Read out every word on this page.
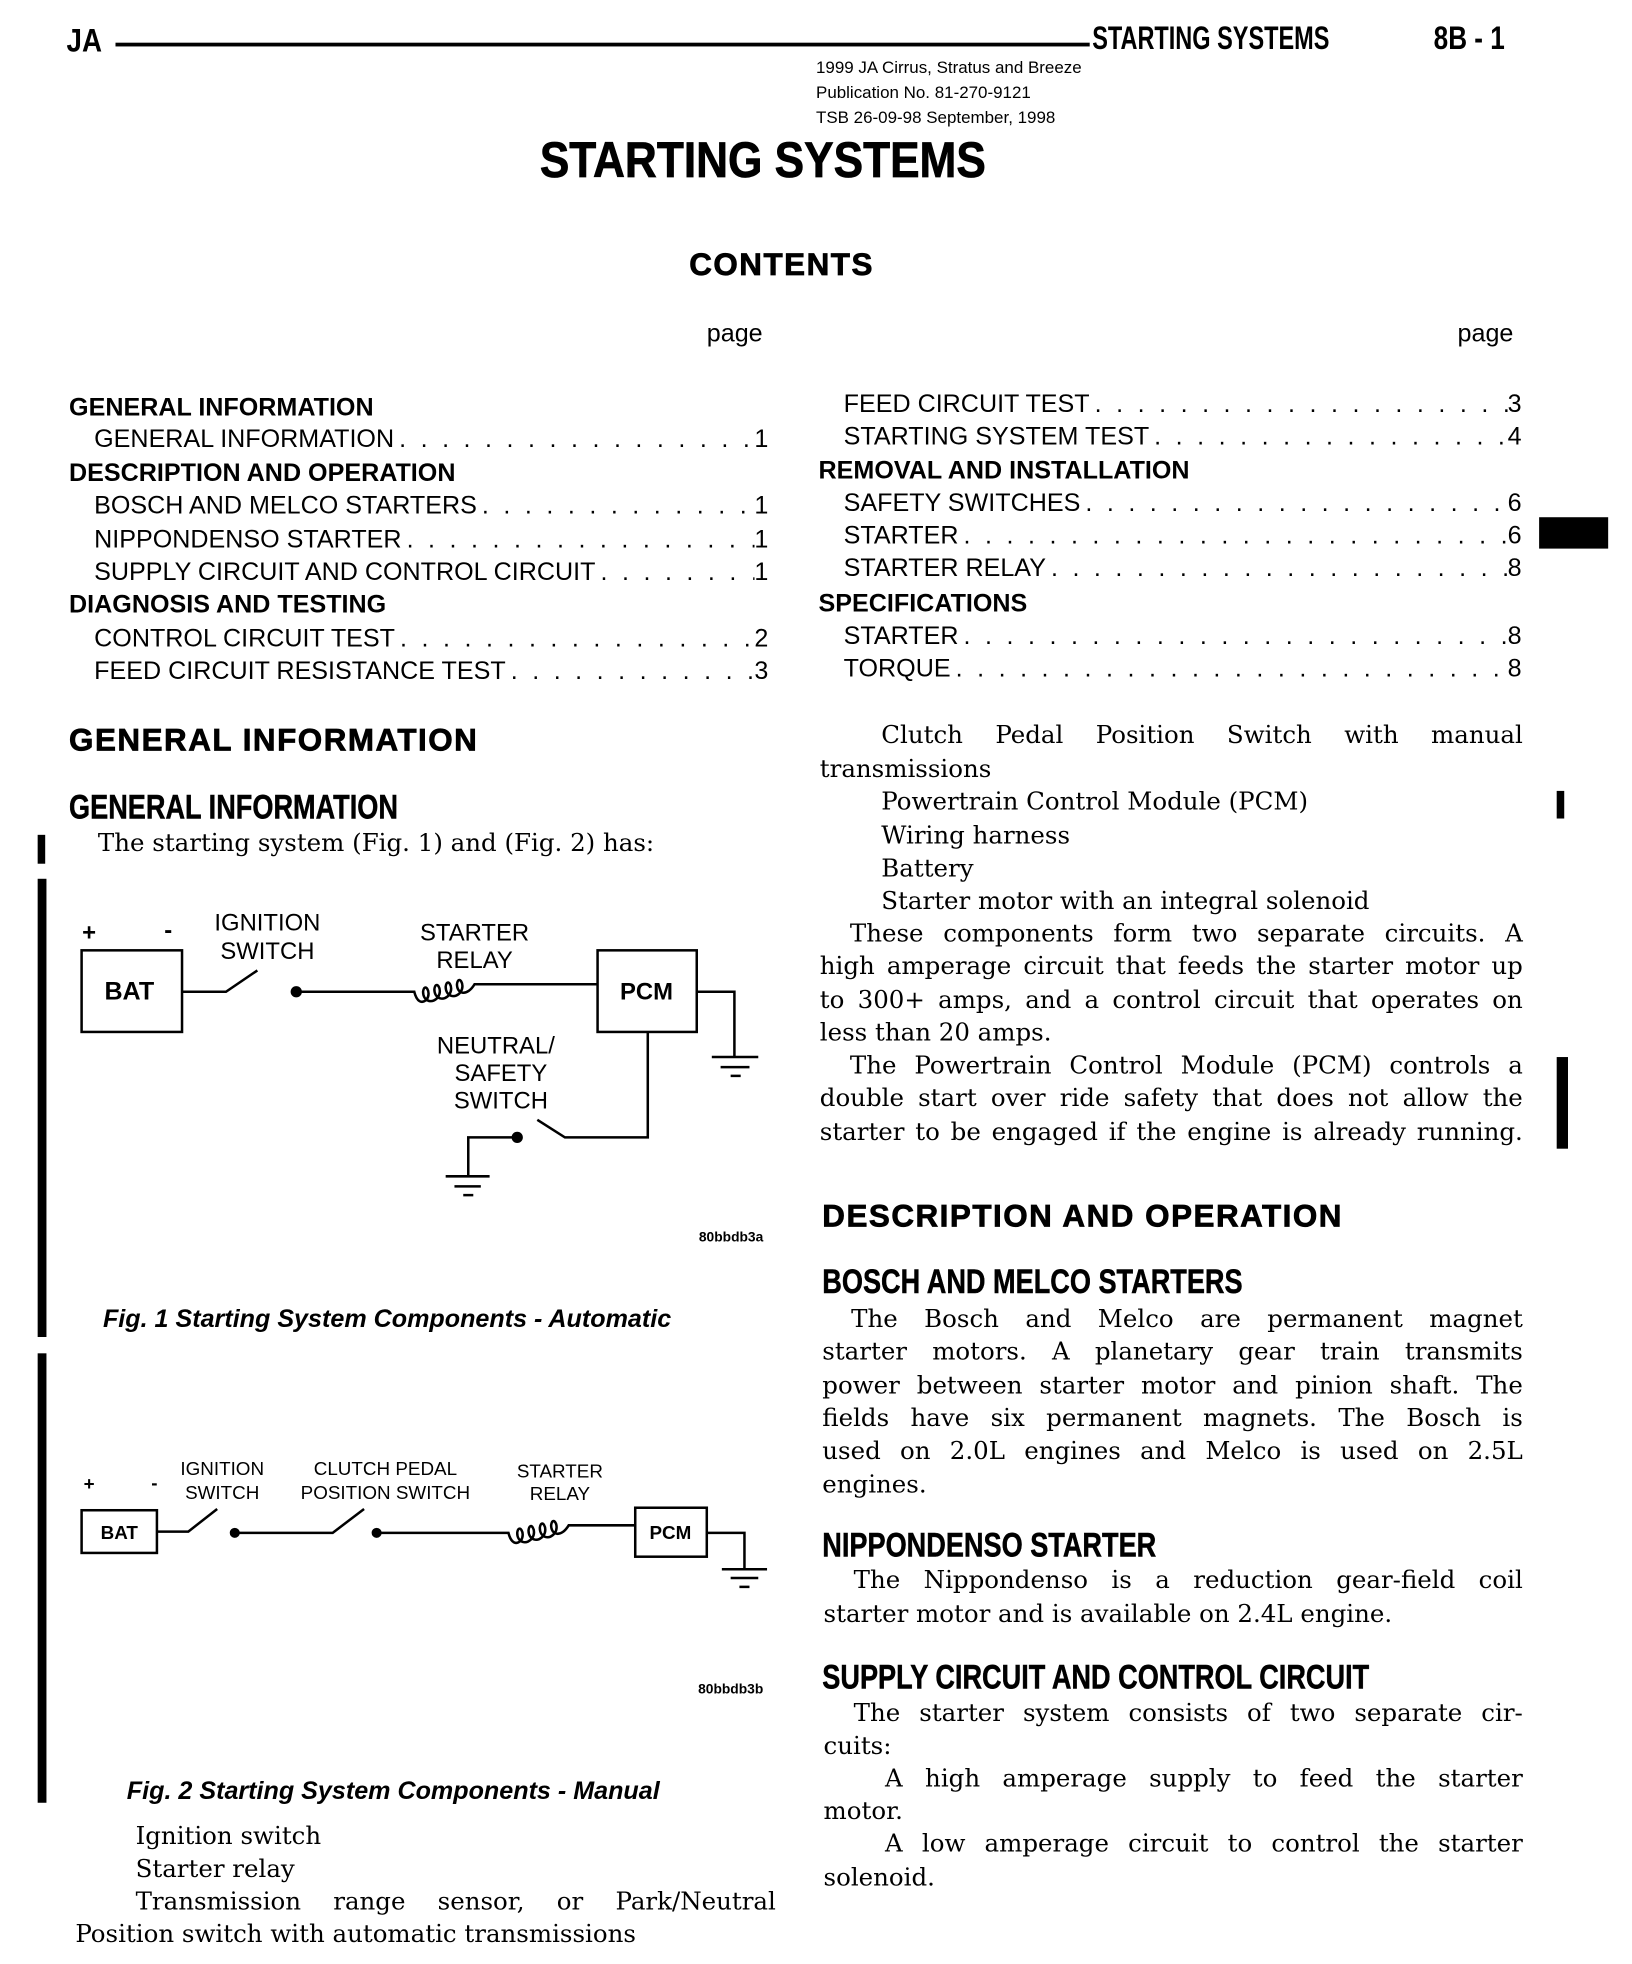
JA	STARTING SYSTEMS	8B - 1
1999 JA Cirrus, Stratus and Breeze
Publication No. 81-270-9121
TSB 26-09-98 September, 1998
STARTING SYSTEMS
CONTENTS
page	page
GENERAL INFORMATION
GENERAL INFORMATION . . .	1
DESCRIPTION AND OPERATION
BOSCH AND MELCO STARTERS . . .	1
NIPPONDENSO STARTER . . .	1
SUPPLY CIRCUIT AND CONTROL CIRCUIT . . .	1
DIAGNOSIS AND TESTING
CONTROL CIRCUIT TEST . . .	2
FEED CIRCUIT RESISTANCE TEST . . .	3
FEED CIRCUIT TEST . . .	3
STARTING SYSTEM TEST . . .	4
REMOVAL AND INSTALLATION
SAFETY SWITCHES . . .	6
STARTER . . .	6
STARTER RELAY . . .	8
SPECIFICATIONS
STARTER . . .	8
TORQUE . . .	8
GENERAL INFORMATION
GENERAL INFORMATION
+	-
BAT	PCM
IGNITION
SWITCH
STARTER
RELAY
NEUTRAL/
SAFETY
SWITCH
80bbdb3a
+	-
BAT	PCM
IGNITION
SWITCH
CLUTCH PEDAL
POSITION SWITCH
STARTER
RELAY
80bbdb3b
Fig. 1 Starting System Components - Automatic
Fig. 2 Starting System Components - Manual
DESCRIPTION AND OPERATION
BOSCH AND MELCO STARTERS
NIPPONDENSO STARTER
SUPPLY CIRCUIT AND CONTROL CIRCUIT
The starting system (Fig. 1) and (Fig. 2) has:
Ignition switch
Starter relay
Transmission range sensor, or Park/Neutral
Position switch with automatic transmissions
Clutch Pedal Position Switch with manual
transmissions
Powertrain Control Module (PCM)
Wiring harness
Battery
Starter motor with an integral solenoid
These components form two separate circuits. A
high amperage circuit that feeds the starter motor up
to 300+ amps, and a control circuit that operates on
less than 20 amps.
The Powertrain Control Module (PCM) controls a
double start over ride safety that does not allow the
starter to be engaged if the engine is already running.
The Bosch and Melco are permanent magnet
starter motors. A planetary gear train transmits
power between starter motor and pinion shaft. The
fields have six permanent magnets. The Bosch is
used on 2.0L engines and Melco is used on 2.5L
engines.
The Nippondenso is a reduction gear-field coil
starter motor and is available on 2.4L engine.
The starter system consists of two separate cir-
cuits:
A high amperage supply to feed the starter
motor.
A low amperage circuit to control the starter
solenoid.
